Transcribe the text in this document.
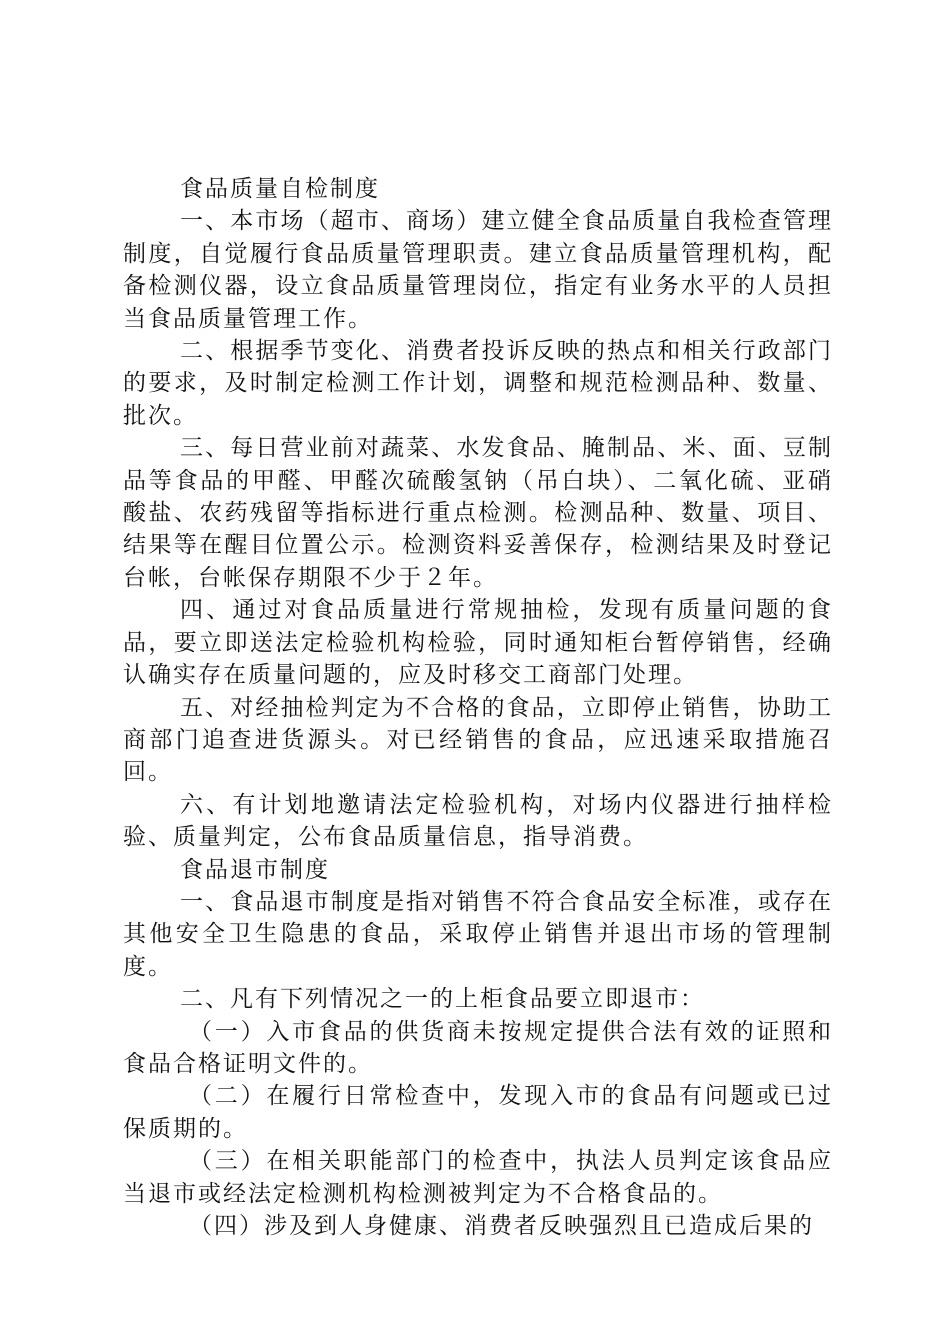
食品质量自检制度

一、本市场（超市、商场）建立健全食品质量自我检查管理制度，自觉履行食品质量管理职责。建立食品质量管理机构，配备检测仪器，设立食品质量管理岗位，指定有业务水平的人员担当食品质量管理工作。

二、根据季节变化、消费者投诉反映的热点和相关行政部门的要求，及时制定检测工作计划，调整和规范检测品种、数量、批次。

三、每日营业前对蔬菜、水发食品、腌制品、米、面、豆制品等食品的甲醛、甲醛次硫酸氢钠（吊白块）、二氧化硫、亚硝酸盐、农药残留等指标进行重点检测。检测品种、数量、项目、结果等在醒目位置公示。检测资料妥善保存，检测结果及时登记台帐，台帐保存期限不少于２年。

四、通过对食品质量进行常规抽检，发现有质量问题的食品，要立即送法定检验机构检验，同时通知柜台暂停销售，经确认确实存在质量问题的，应及时移交工商部门处理。

五、对经抽检判定为不合格的食品，立即停止销售，协助工商部门追查进货源头。对已经销售的食品，应迅速采取措施召回。

六、有计划地邀请法定检验机构，对场内仪器进行抽样检验、质量判定，公布食品质量信息，指导消费。

食品退市制度

一、食品退市制度是指对销售不符合食品安全标准，或存在其他安全卫生隐患的食品，采取停止销售并退出市场的管理制度。

二、凡有下列情况之一的上柜食品要立即退市：

（一）入市食品的供货商未按规定提供合法有效的证照和食品合格证明文件的。

（二）在履行日常检查中，发现入市的食品有问题或已过保质期的。

（三）在相关职能部门的检查中，执法人员判定该食品应当退市或经法定检测机构检测被判定为不合格食品的。

（四）涉及到人身健康、消费者反映强烈且已造成后果的
